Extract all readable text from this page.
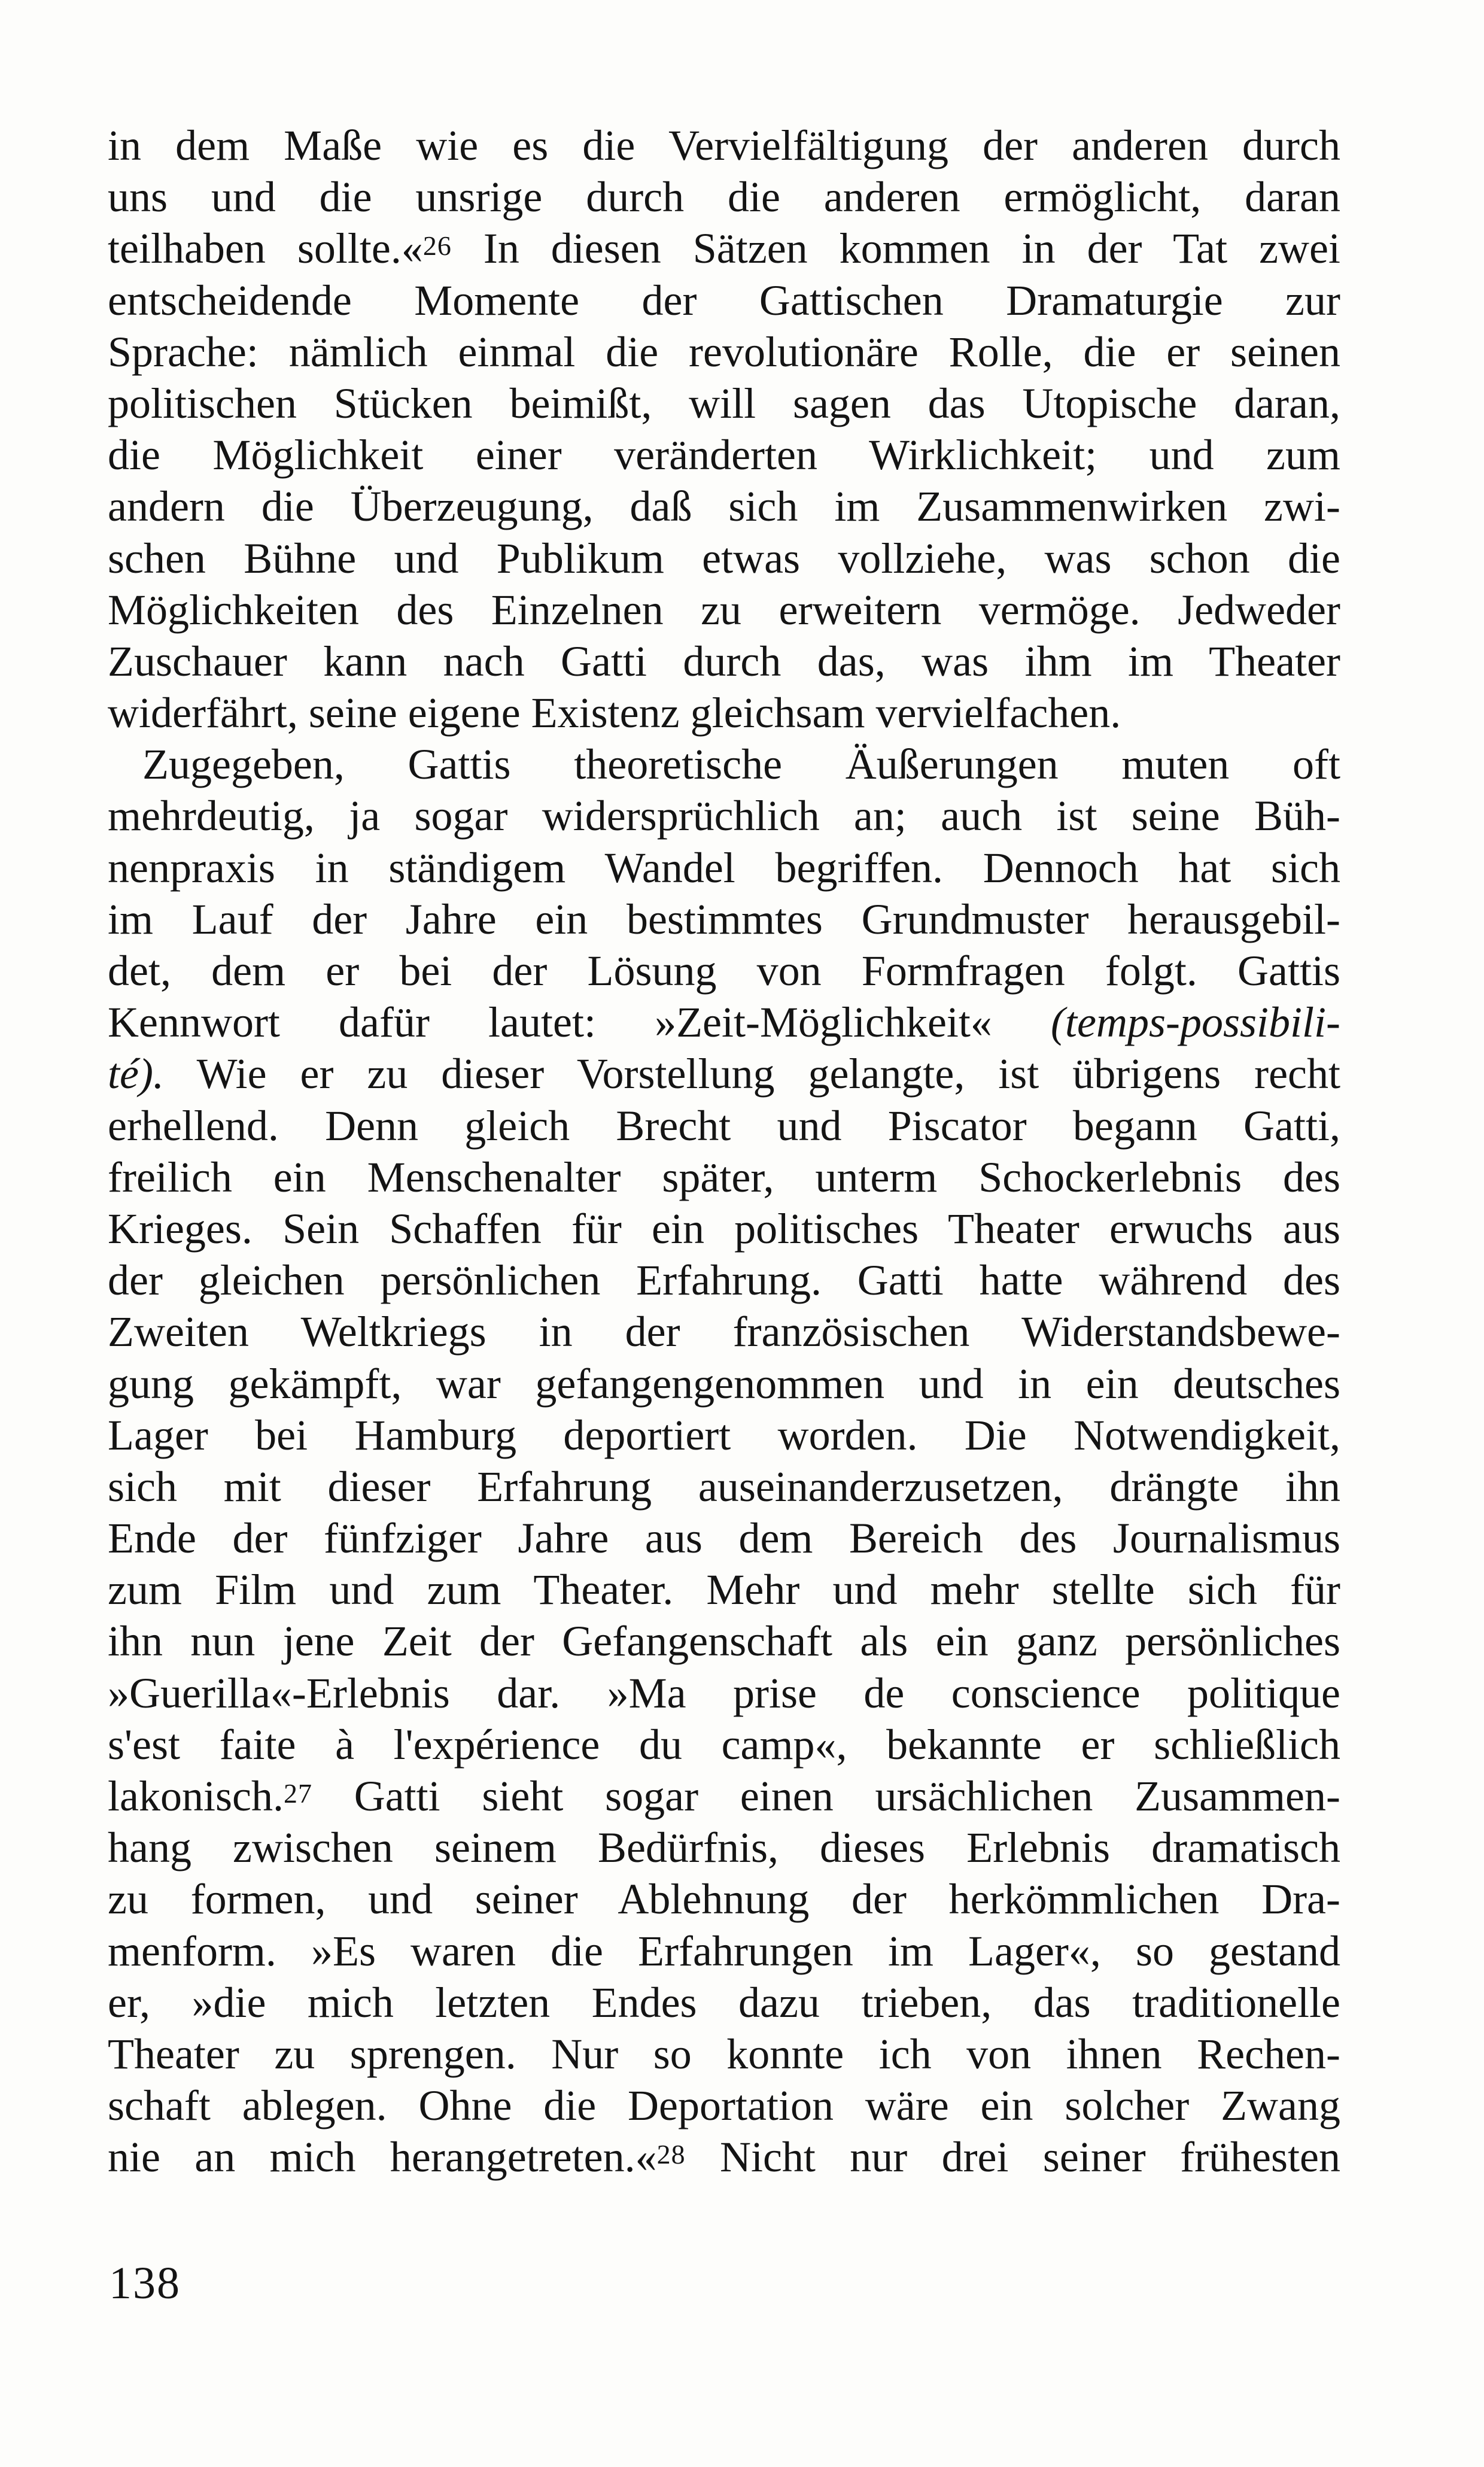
in dem Maße wie es die Vervielfältigung der anderen durch
uns und die unsrige durch die anderen ermöglicht, daran
teilhaben sollte.«$^{26}$ In diesen Sätzen kommen in der Tat zwei
entscheidende Momente der Gattischen Dramaturgie zur
Sprache: nämlich einmal die revolutionäre Rolle, die er seinen
politischen Stücken beimißt, will sagen das Utopische daran,
die Möglichkeit einer veränderten Wirklichkeit; und zum
andern die Überzeugung, daß sich im Zusammenwirken zwi-
schen Bühne und Publikum etwas vollziehe, was schon die
Möglichkeiten des Einzelnen zu erweitern vermöge. Jedweder
Zuschauer kann nach Gatti durch das, was ihm im Theater
widerfährt, seine eigene Existenz gleichsam vervielfachen.
Zugegeben, Gattis theoretische Äußerungen muten oft
mehrdeutig, ja sogar widersprüchlich an; auch ist seine Büh-
nenpraxis in ständigem Wandel begriffen. Dennoch hat sich
im Lauf der Jahre ein bestimmtes Grundmuster herausgebil-
det, dem er bei der Lösung von Formfragen folgt. Gattis
Kennwort dafür lautet: »Zeit-Möglichkeit« (temps-possibili-
té). Wie er zu dieser Vorstellung gelangte, ist übrigens recht
erhellend. Denn gleich Brecht und Piscator begann Gatti,
freilich ein Menschenalter später, unterm Schockerlebnis des
Krieges. Sein Schaffen für ein politisches Theater erwuchs aus
der gleichen persönlichen Erfahrung. Gatti hatte während des
Zweiten Weltkriegs in der französischen Widerstandsbewe-
gung gekämpft, war gefangengenommen und in ein deutsches
Lager bei Hamburg deportiert worden. Die Notwendigkeit,
sich mit dieser Erfahrung auseinanderzusetzen, drängte ihn
Ende der fünfziger Jahre aus dem Bereich des Journalismus
zum Film und zum Theater. Mehr und mehr stellte sich für
ihn nun jene Zeit der Gefangenschaft als ein ganz persönliches
»Guerilla«-Erlebnis dar. »Ma prise de conscience politique
s'est faite à l'expérience du camp«, bekannte er schließlich
lakonisch.$^{27}$ Gatti sieht sogar einen ursächlichen Zusammen-
hang zwischen seinem Bedürfnis, dieses Erlebnis dramatisch
zu formen, und seiner Ablehnung der herkömmlichen Dra-
menform. »Es waren die Erfahrungen im Lager«, so gestand
er, »die mich letzten Endes dazu trieben, das traditionelle
Theater zu sprengen. Nur so konnte ich von ihnen Rechen-
schaft ablegen. Ohne die Deportation wäre ein solcher Zwang
nie an mich herangetreten.«$^{28}$ Nicht nur drei seiner frühesten
138
